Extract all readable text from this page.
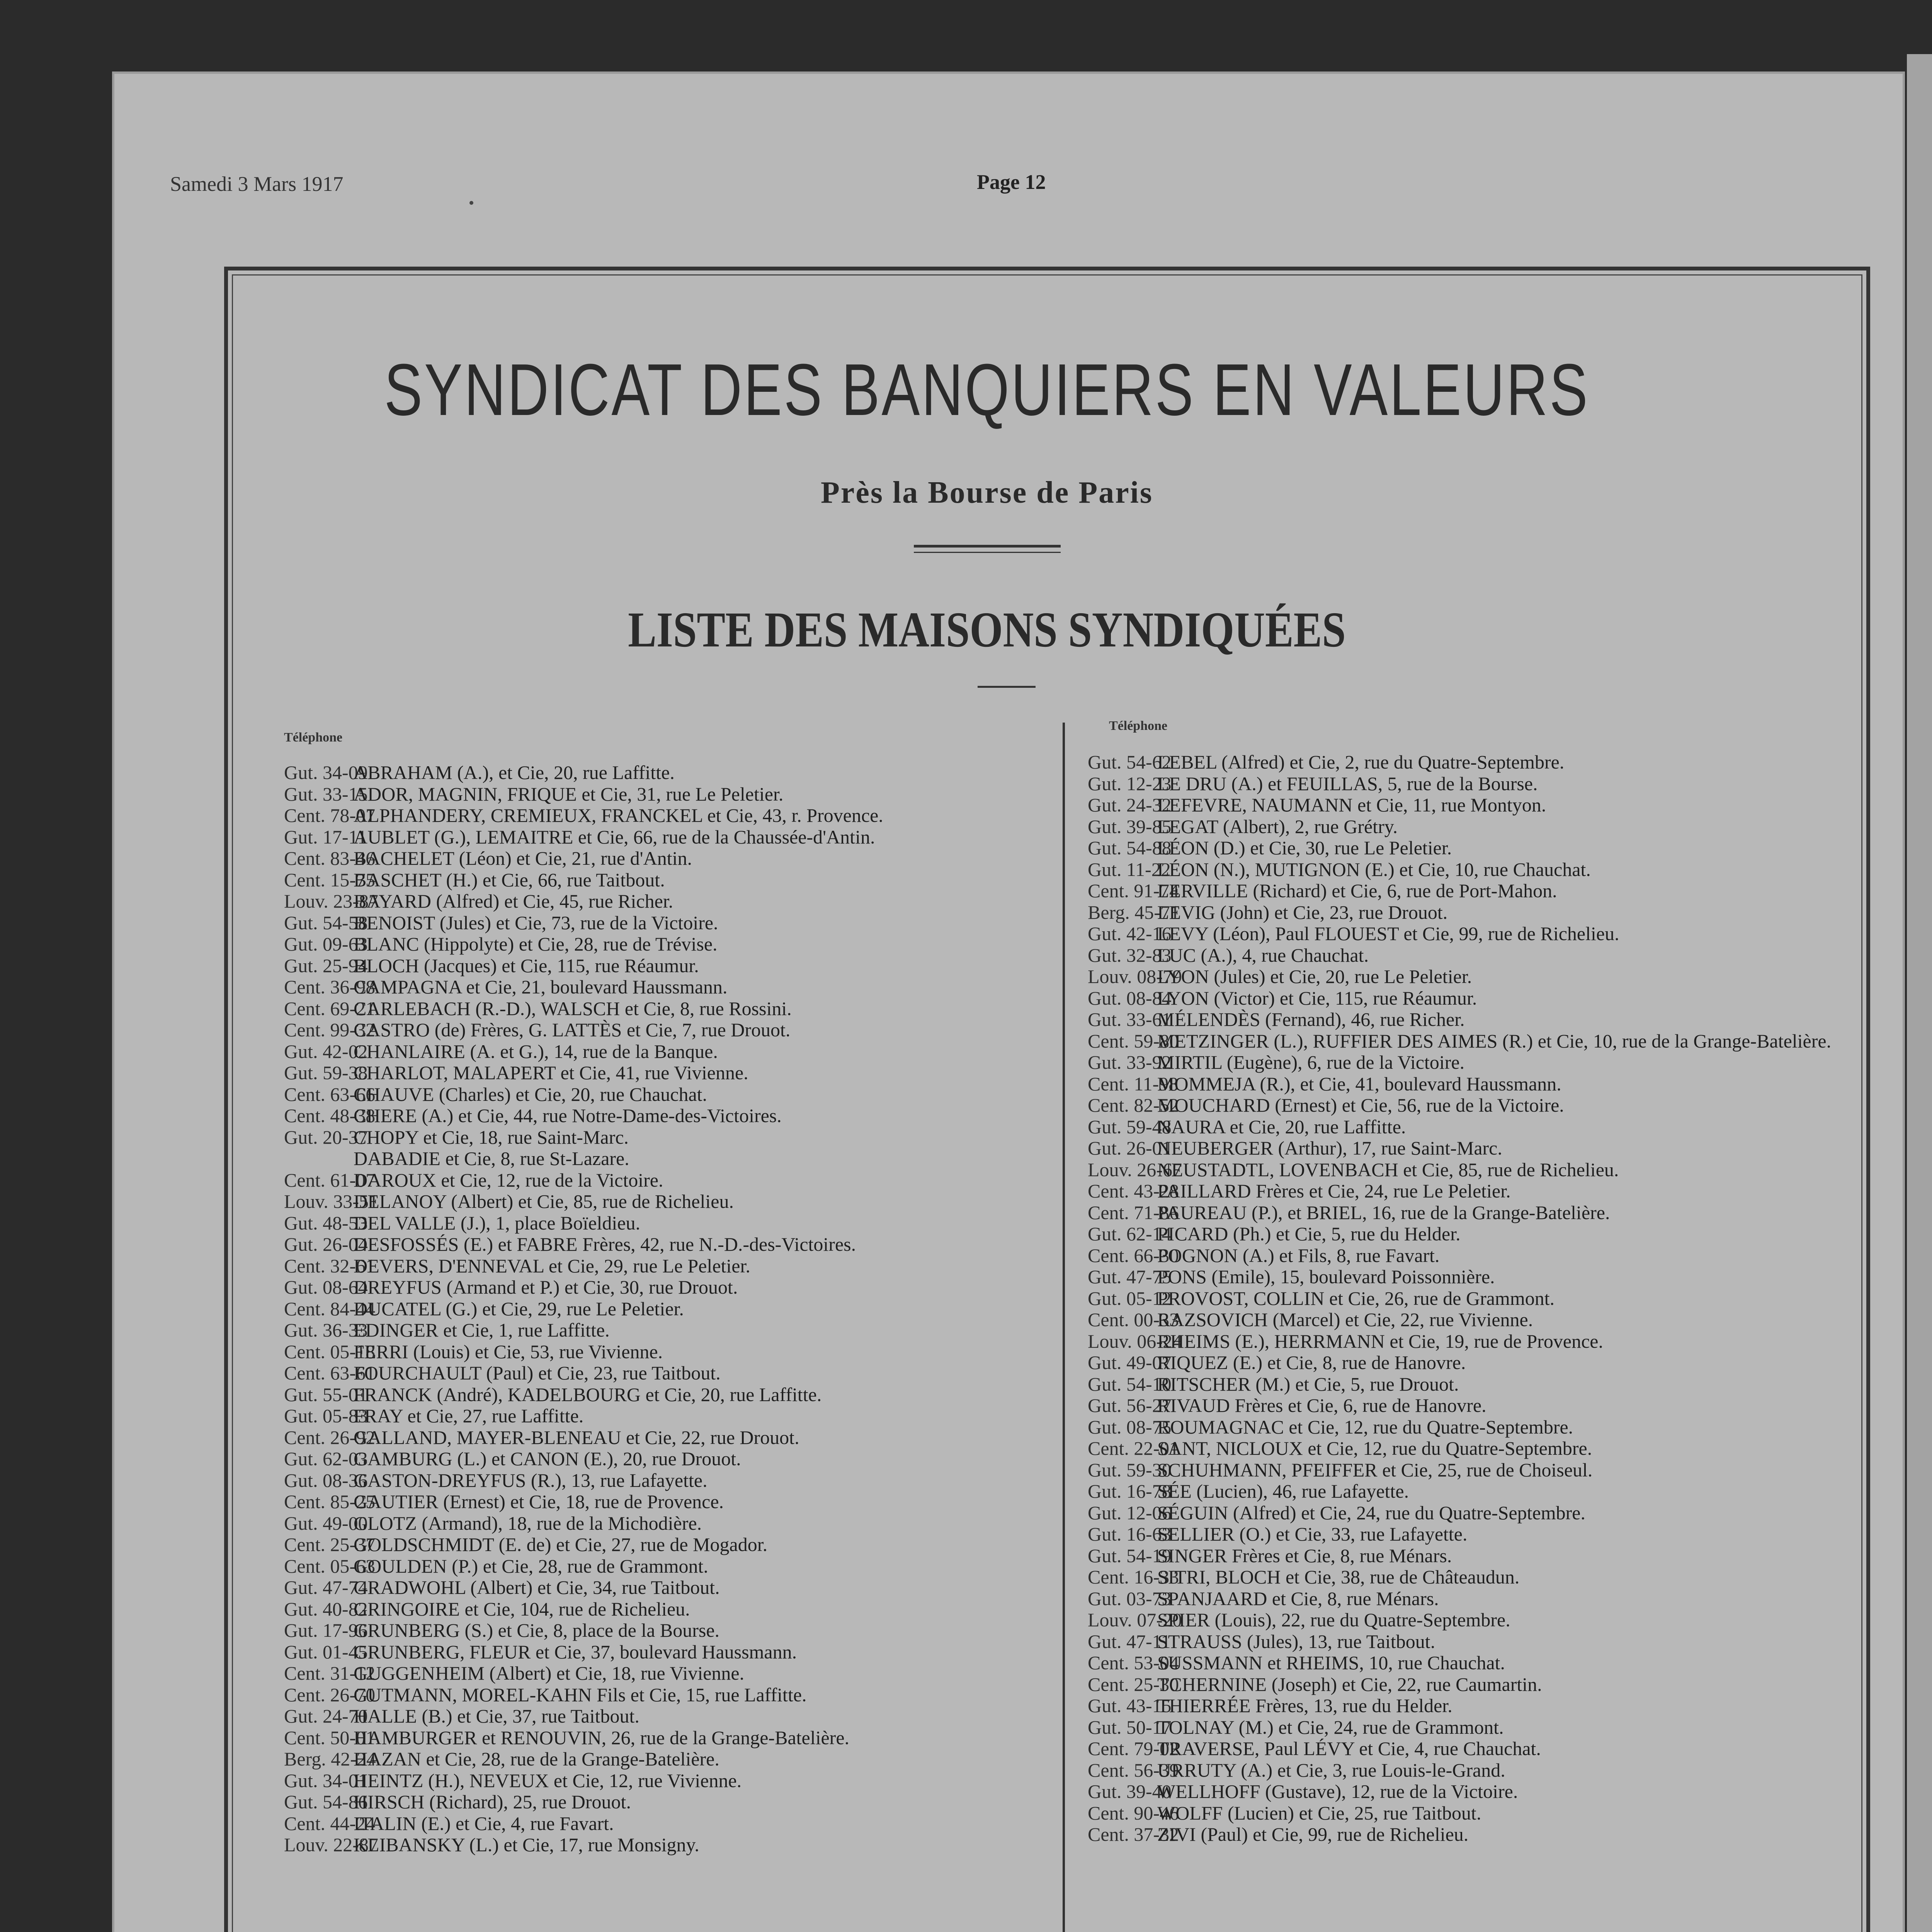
Samedi 3 Mars 1917	Page 12
SYNDICAT DES BANQUIERS EN VALEURS
Près la Bourse de Paris
LISTE DES MAISONS SYNDIQUÉES
Téléphone
Téléphone
Gut. 34-09ABRAHAM (A.), et Cie, 20, rue Laffitte.
Gut. 33-15ADOR, MAGNIN, FRIQUE et Cie, 31, rue Le Peletier.
Cent. 78-07ALPHANDERY, CREMIEUX, FRANCKEL et Cie, 43, r. Provence.
Gut. 17-11AUBLET (G.), LEMAITRE et Cie, 66, rue de la Chaussée-d'Antin.
Cent. 83-46BACHELET (Léon) et Cie, 21, rue d'Antin.
Cent. 15-75BASCHET (H.) et Cie, 66, rue Taitbout.
Louv. 23-87BAYARD (Alfred) et Cie, 45, rue Richer.
Gut. 54-58BENOIST (Jules) et Cie, 73, rue de la Victoire.
Gut. 09-63BLANC (Hippolyte) et Cie, 28, rue de Trévise.
Gut. 25-94BLOCH (Jacques) et Cie, 115, rue Réaumur.
Cent. 36-98CAMPAGNA et Cie, 21, boulevard Haussmann.
Cent. 69-21CARLEBACH (R.-D.), WALSCH et Cie, 8, rue Rossini.
Cent. 99-32CASTRO (de) Frères, G. LATTÈS et Cie, 7, rue Drouot.
Gut. 42-02CHANLAIRE (A. et G.), 14, rue de la Banque.
Gut. 59-38CHARLOT, MALAPERT et Cie, 41, rue Vivienne.
Cent. 63-66CHAUVE (Charles) et Cie, 20, rue Chauchat.
Cent. 48-38CHERE (A.) et Cie, 44, rue Notre-Dame-des-Victoires.
Gut. 20-37CHOPY et Cie, 18, rue Saint-Marc.
DABADIE et Cie, 8, rue St-Lazare.
Cent. 61-07DAROUX et Cie, 12, rue de la Victoire.
Louv. 33-51DELANOY (Albert) et Cie, 85, rue de Richelieu.
Gut. 48-53DEL VALLE (J.), 1, place Boïeldieu.
Gut. 26-04DESFOSSÉS (E.) et FABRE Frères, 42, rue N.-D.-des-Victoires.
Cent. 32-61DEVERS, D'ENNEVAL et Cie, 29, rue Le Peletier.
Gut. 08-64DREYFUS (Armand et P.) et Cie, 30, rue Drouot.
Cent. 84-44DUCATEL (G.) et Cie, 29, rue Le Peletier.
Gut. 36-33EDINGER et Cie, 1, rue Laffitte.
Cent. 05-18FERRI (Louis) et Cie, 53, rue Vivienne.
Cent. 63-61FOURCHAULT (Paul) et Cie, 23, rue Taitbout.
Gut. 55-01FRANCK (André), KADELBOURG et Cie, 20, rue Laffitte.
Gut. 05-83FRAY et Cie, 27, rue Laffitte.
Cent. 26-92GALLAND, MAYER-BLENEAU et Cie, 22, rue Drouot.
Gut. 62-03GAMBURG (L.) et CANON (E.), 20, rue Drouot.
Gut. 08-36GASTON-DREYFUS (R.), 13, rue Lafayette.
Cent. 85-25GAUTIER (Ernest) et Cie, 18, rue de Provence.
Gut. 49-00GLOTZ (Armand), 18, rue de la Michodière.
Cent. 25-37GOLDSCHMIDT (E. de) et Cie, 27, rue de Mogador.
Cent. 05-63GOULDEN (P.) et Cie, 28, rue de Grammont.
Gut. 47-74GRADWOHL (Albert) et Cie, 34, rue Taitbout.
Gut. 40-82GRINGOIRE et Cie, 104, rue de Richelieu.
Gut. 17-96GRUNBERG (S.) et Cie, 8, place de la Bourse.
Gut. 01-45GRUNBERG, FLEUR et Cie, 37, boulevard Haussmann.
Cent. 31-12GUGGENHEIM (Albert) et Cie, 18, rue Vivienne.
Cent. 26-70GUTMANN, MOREL-KAHN Fils et Cie, 15, rue Laffitte.
Gut. 24-70HALLE (B.) et Cie, 37, rue Taitbout.
Cent. 50-01HAMBURGER et RENOUVIN, 26, rue de la Grange-Batelière.
Berg. 42-24HAZAN et Cie, 28, rue de la Grange-Batelière.
Gut. 34-01HEINTZ (H.), NEVEUX et Cie, 12, rue Vivienne.
Gut. 54-86HIRSCH (Richard), 25, rue Drouot.
Cent. 44-24ITALIN (E.) et Cie, 4, rue Favart.
Louv. 22-87KLIBANSKY (L.) et Cie, 17, rue Monsigny.
Gut. 54-62LEBEL (Alfred) et Cie, 2, rue du Quatre-Septembre.
Gut. 12-23LE DRU (A.) et FEUILLAS, 5, rue de la Bourse.
Gut. 24-32LEFEVRE, NAUMANN et Cie, 11, rue Montyon.
Gut. 39-85LEGAT (Albert), 2, rue Grétry.
Gut. 54-88LÉON (D.) et Cie, 30, rue Le Peletier.
Gut. 11-22LÉON (N.), MUTIGNON (E.) et Cie, 10, rue Chauchat.
Cent. 91-74LERVILLE (Richard) et Cie, 6, rue de Port-Mahon.
Berg. 45-71LEVIG (John) et Cie, 23, rue Drouot.
Gut. 42-16LEVY (Léon), Paul FLOUEST et Cie, 99, rue de Richelieu.
Gut. 32-83LUC (A.), 4, rue Chauchat.
Louv. 08-79LYON (Jules) et Cie, 20, rue Le Peletier.
Gut. 08-84LYON (Victor) et Cie, 115, rue Réaumur.
Gut. 33-61MÉLENDÈS (Fernand), 46, rue Richer.
Cent. 59-80METZINGER (L.), RUFFIER DES AIMES (R.) et Cie, 10, rue de la Grange-Batelière.
Gut. 33-92MIRTIL (Eugène), 6, rue de la Victoire.
Cent. 11-98MOMMEJA (R.), et Cie, 41, boulevard Haussmann.
Cent. 82-52MOUCHARD (Ernest) et Cie, 56, rue de la Victoire.
Gut. 59-48NAURA et Cie, 20, rue Laffitte.
Gut. 26-01NEUBERGER (Arthur), 17, rue Saint-Marc.
Louv. 26-67NEUSTADTL, LOVENBACH et Cie, 85, rue de Richelieu.
Cent. 43-28PAILLARD Frères et Cie, 24, rue Le Peletier.
Cent. 71-86PAUREAU (P.), et BRIEL, 16, rue de la Grange-Batelière.
Gut. 62-14PICARD (Ph.) et Cie, 5, rue du Helder.
Cent. 66-30POGNON (A.) et Fils, 8, rue Favart.
Gut. 47-75PONS (Emile), 15, boulevard Poissonnière.
Gut. 05-12PROVOST, COLLIN et Cie, 26, rue de Grammont.
Cent. 00-33RAZSOVICH (Marcel) et Cie, 22, rue Vivienne.
Louv. 06-24RHEIMS (E.), HERRMANN et Cie, 19, rue de Provence.
Gut. 49-07RIQUEZ (E.) et Cie, 8, rue de Hanovre.
Gut. 54-10RITSCHER (M.) et Cie, 5, rue Drouot.
Gut. 56-27RIVAUD Frères et Cie, 6, rue de Hanovre.
Gut. 08-75ROUMAGNAC et Cie, 12, rue du Quatre-Septembre.
Cent. 22-01SANT, NICLOUX et Cie, 12, rue du Quatre-Septembre.
Gut. 59-30SCHUHMANN, PFEIFFER et Cie, 25, rue de Choiseul.
Gut. 16-78SÉE (Lucien), 46, rue Lafayette.
Gut. 12-06SÉGUIN (Alfred) et Cie, 24, rue du Quatre-Septembre.
Gut. 16-63SELLIER (O.) et Cie, 33, rue Lafayette.
Gut. 54-19SINGER Frères et Cie, 8, rue Ménars.
Cent. 16-33SITRI, BLOCH et Cie, 38, rue de Châteaudun.
Gut. 03-73SPANJAARD et Cie, 8, rue Ménars.
Louv. 07-20SPIER (Louis), 22, rue du Quatre-Septembre.
Gut. 47-11STRAUSS (Jules), 13, rue Taitbout.
Cent. 53-04SUSSMANN et RHEIMS, 10, rue Chauchat.
Cent. 25-30TCHERNINE (Joseph) et Cie, 22, rue Caumartin.
Gut. 43-15THIERRÉE Frères, 13, rue du Helder.
Gut. 50-17TOLNAY (M.) et Cie, 24, rue de Grammont.
Cent. 79-02TRAVERSE, Paul LÉVY et Cie, 4, rue Chauchat.
Cent. 56-39URRUTY (A.) et Cie, 3, rue Louis-le-Grand.
Gut. 39-40WELLHOFF (Gustave), 12, rue de la Victoire.
Cent. 90-46WOLFF (Lucien) et Cie, 25, rue Taitbout.
Cent. 37-32ZIVI (Paul) et Cie, 99, rue de Richelieu.
